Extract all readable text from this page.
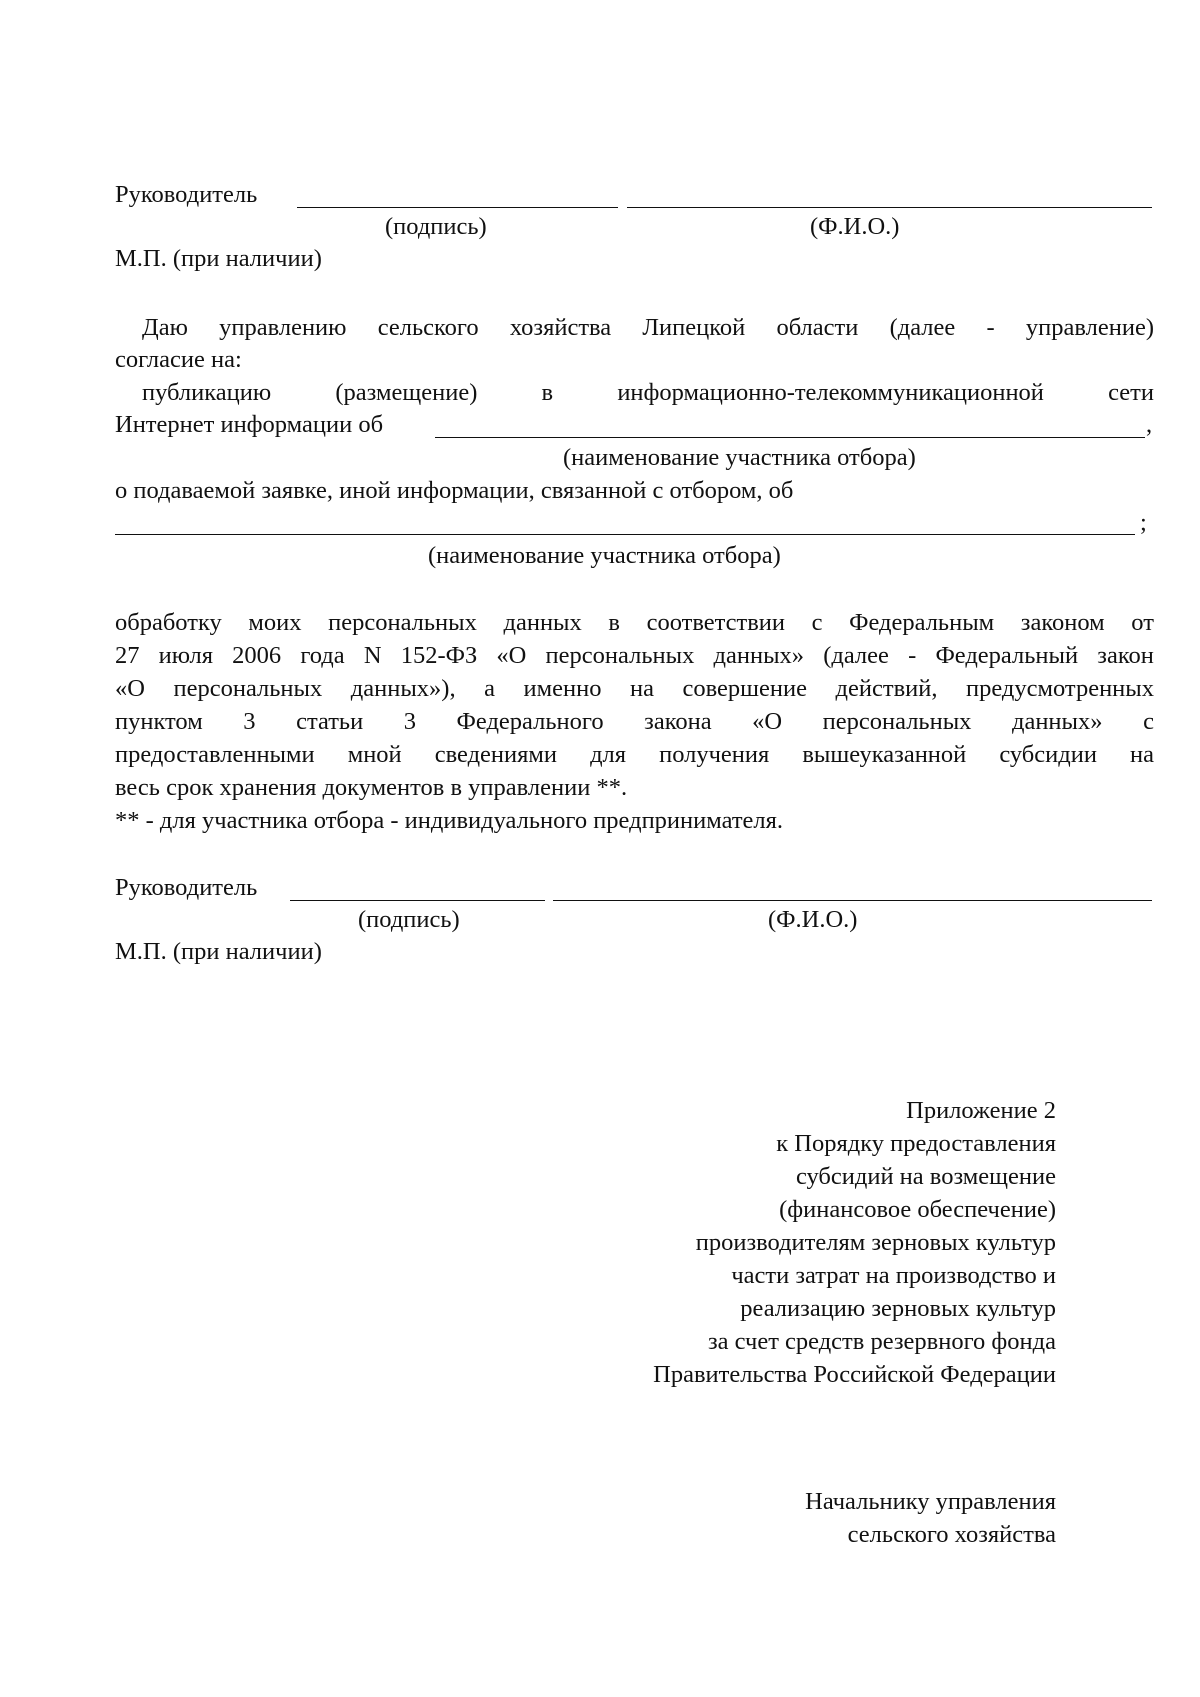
Руководитель
(подпись)	(Ф.И.О.)
М.П. (при наличии)
Даю управлению сельского хозяйства Липецкой области (далее - управление)
согласие на:
публикацию	(размещение)	в	информационно-телекоммуникационной	сети
Интернет информации об	,
(наименование участника отбора)
о подаваемой заявке, иной информации, связанной с отбором, об
;
(наименование участника отбора)
обработку моих персональных данных в соответствии с Федеральным законом от
27 июля 2006 года N 152-ФЗ «О персональных данных» (далее - Федеральный закон
«О персональных данных»), а именно на совершение действий, предусмотренных
пунктом 3 статьи 3 Федерального закона «О персональных данных» с
предоставленными мной сведениями для получения вышеуказанной субсидии на
весь срок хранения документов в управлении **.
** - для участника отбора - индивидуального предпринимателя.
Руководитель
(подпись)	(Ф.И.О.)
М.П. (при наличии)
Приложение 2
к Порядку предоставления
субсидий на возмещение
(финансовое обеспечение)
производителям зерновых культур
части затрат на производство и
реализацию зерновых культур
за счет средств резервного фонда
Правительства Российской Федерации
Начальнику управления
сельского хозяйства
